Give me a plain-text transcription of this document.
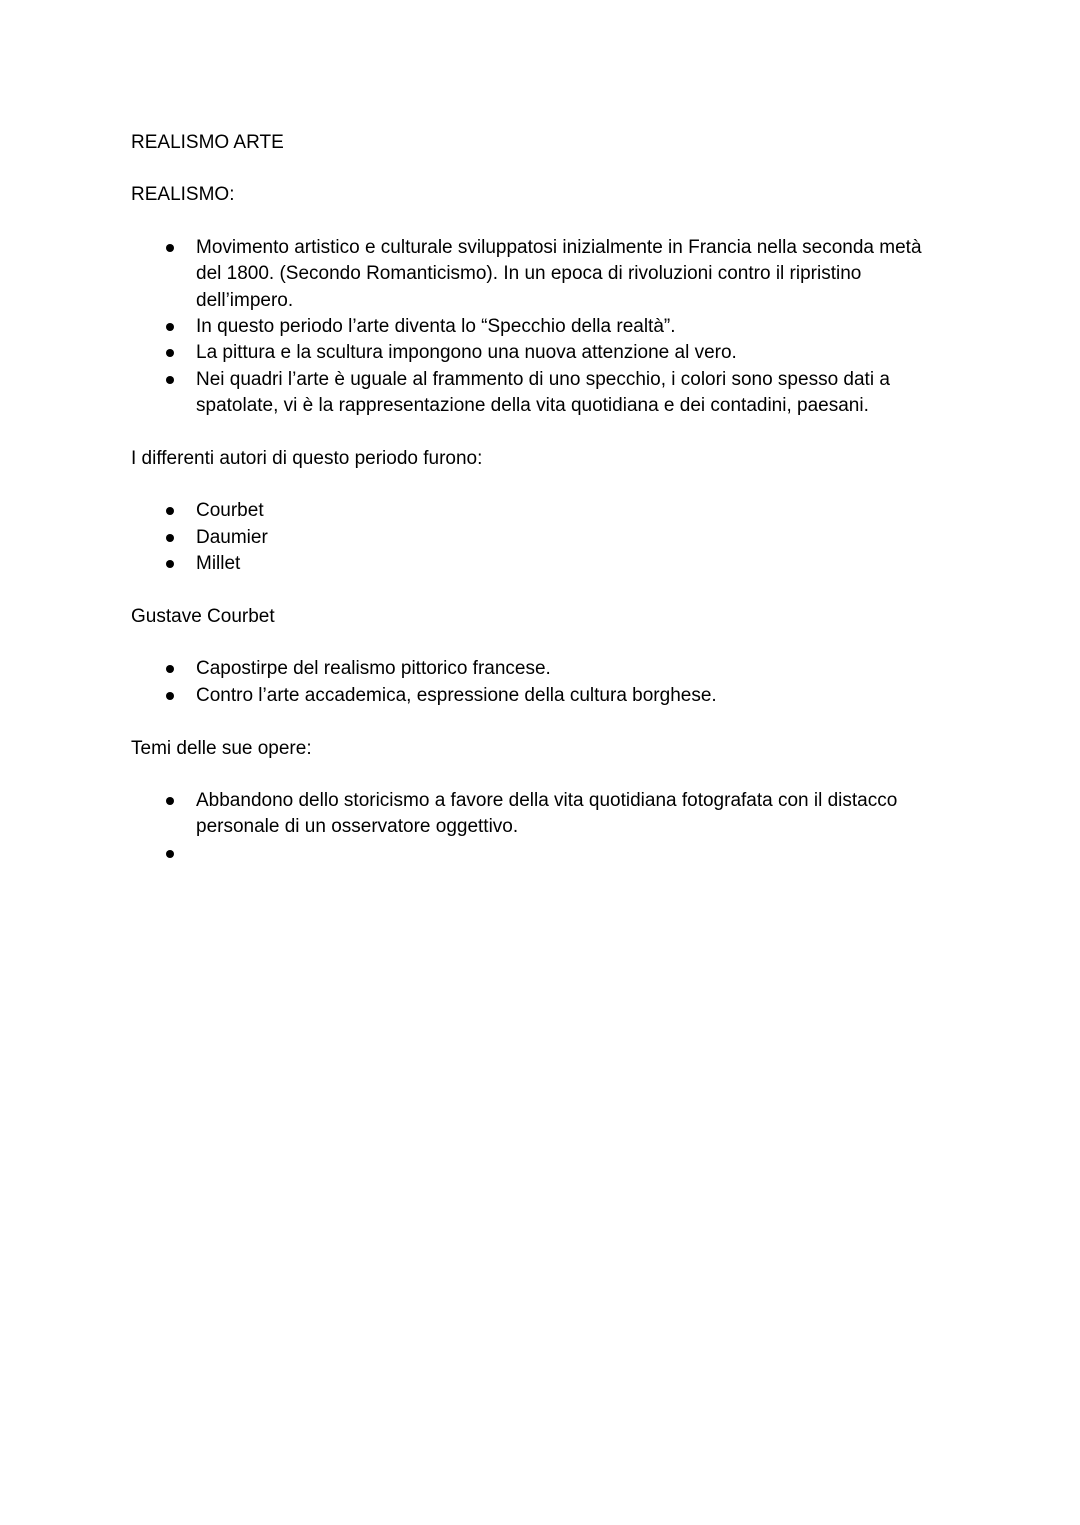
REALISMO ARTE

REALISMO:

Movimento artistico e culturale sviluppatosi inizialmente in Francia nella seconda metà del 1800. (Secondo Romanticismo). In un epoca di rivoluzioni contro il ripristino dell’impero.
In questo periodo l’arte diventa lo “Specchio della realtà”.
La pittura e la scultura impongono una nuova attenzione al vero.
Nei quadri l’arte è uguale al frammento di uno specchio, i colori sono spesso dati a spatolate, vi è la rappresentazione della vita quotidiana e dei contadini, paesani.

I differenti autori di questo periodo furono:

Courbet
Daumier
Millet

Gustave Courbet

Capostirpe del realismo pittorico francese.
Contro l’arte accademica, espressione della cultura borghese.

Temi delle sue opere:

Abbandono dello storicismo a favore della vita quotidiana fotografata con il distacco personale di un osservatore oggettivo.
